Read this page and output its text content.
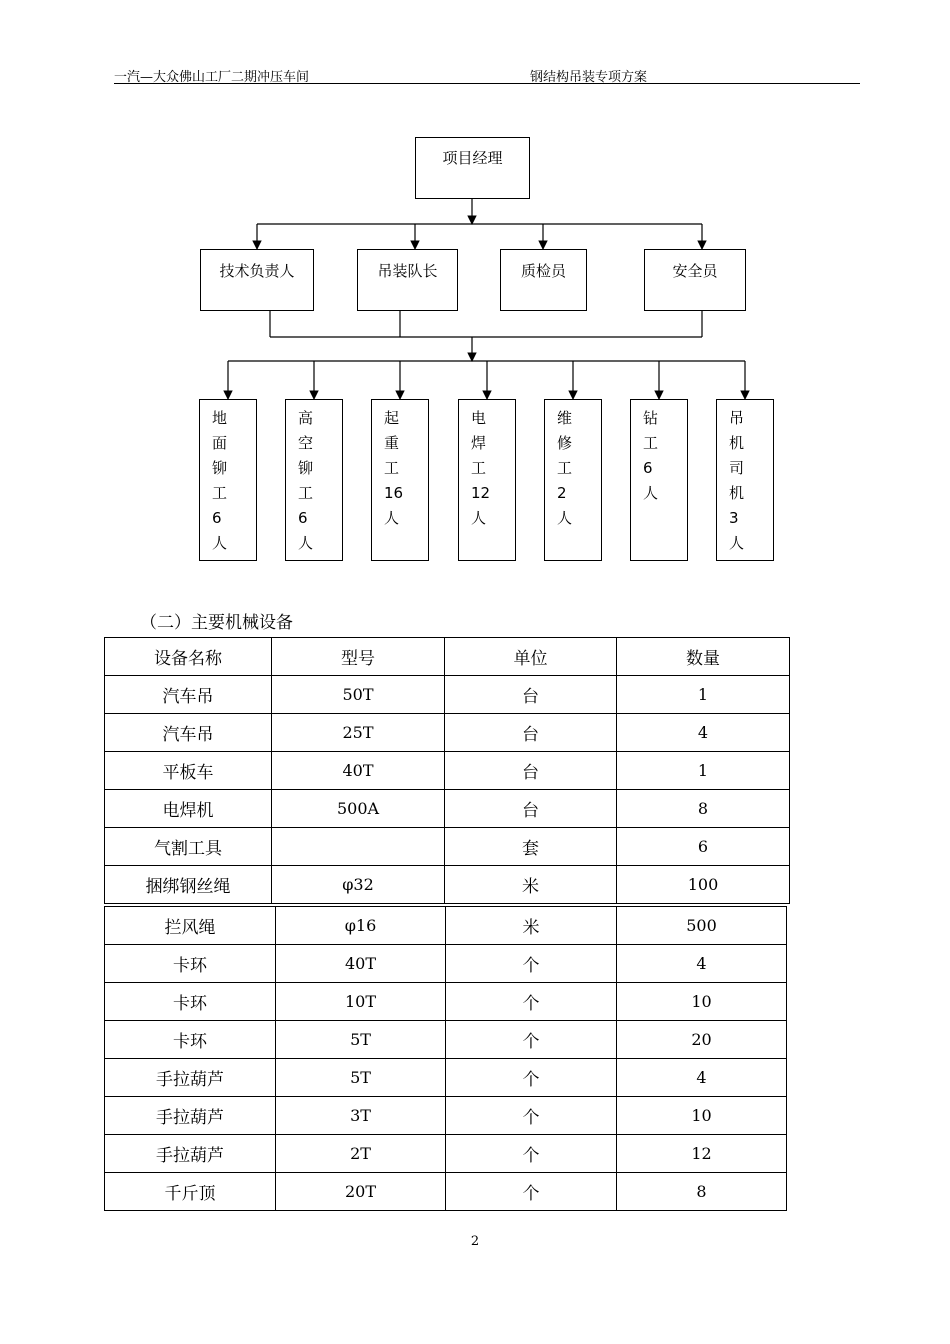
一汽—大众佛山工厂二期冲压车间	钢结构吊装专项方案
项目经理
技术负责人	吊装队长	质检员	安全员
地
面
铆
工
6
人
高
空
铆
工
6
人
起
重
工
16
人
电
焊
工
12
人
维
修
工
2
人
钻
工
6
人
吊
机
司
机
3
人
（二）主要机械设备
设备名称	型号	单位	数量
汽车吊	50T	台	1
汽车吊	25T	台	4
平板车	40T	台	1
电焊机	500A	台	8
气割工具		套	6
捆绑钢丝绳	φ32	米	100
拦风绳	φ16	米	500
卡环	40T	个	4
卡环	10T	个	10
卡环	5T	个	20
手拉葫芦	5T	个	4
手拉葫芦	3T	个	10
手拉葫芦	2T	个	12
千斤顶	20T	个	8
2
